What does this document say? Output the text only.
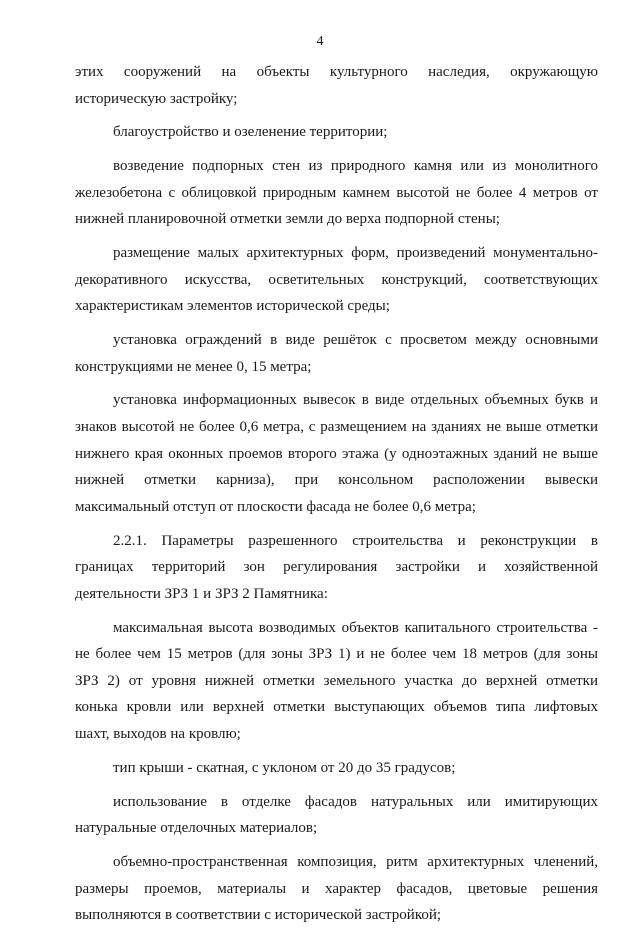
4
этих сооружений на объекты культурного наследия, окружающую
историческую застройку;
благоустройство и озеленение территории;
возведение подпорных стен из природного камня или из монолитного
железобетона с облицовкой природным камнем высотой не более 4 метров от
нижней планировочной отметки земли до верха подпорной стены;
размещение малых архитектурных форм, произведений монументально-
декоративного искусства, осветительных конструкций, соответствующих
характеристикам элементов исторической среды;
установка ограждений в виде решёток с просветом между основными
конструкциями не менее 0, 15 метра;
установка информационных вывесок в виде отдельных объемных букв и
знаков высотой не более 0,6 метра, с размещением на зданиях не выше отметки
нижнего края оконных проемов второго этажа (у одноэтажных зданий не выше
нижней отметки карниза), при консольном расположении вывески
максимальный отступ от плоскости фасада не более 0,6 метра;
2.2.1. Параметры разрешенного строительства и реконструкции в
границах территорий зон регулирования застройки и хозяйственной
деятельности ЗРЗ 1 и ЗРЗ 2 Памятника:
максимальная высота возводимых объектов капитального строительства -
не более чем 15 метров (для зоны ЗРЗ 1) и не более чем 18 метров (для зоны
ЗРЗ 2) от уровня нижней отметки земельного участка до верхней отметки
конька кровли или верхней отметки выступающих объемов типа лифтовых
шахт, выходов на кровлю;
тип крыши - скатная, с уклоном от 20 до 35 градусов;
использование в отделке фасадов натуральных или имитирующих
натуральные отделочных материалов;
объемно-пространственная композиция, ритм архитектурных членений,
размеры проемов, материалы и характер фасадов, цветовые решения
выполняются в соответствии с исторической застройкой;
